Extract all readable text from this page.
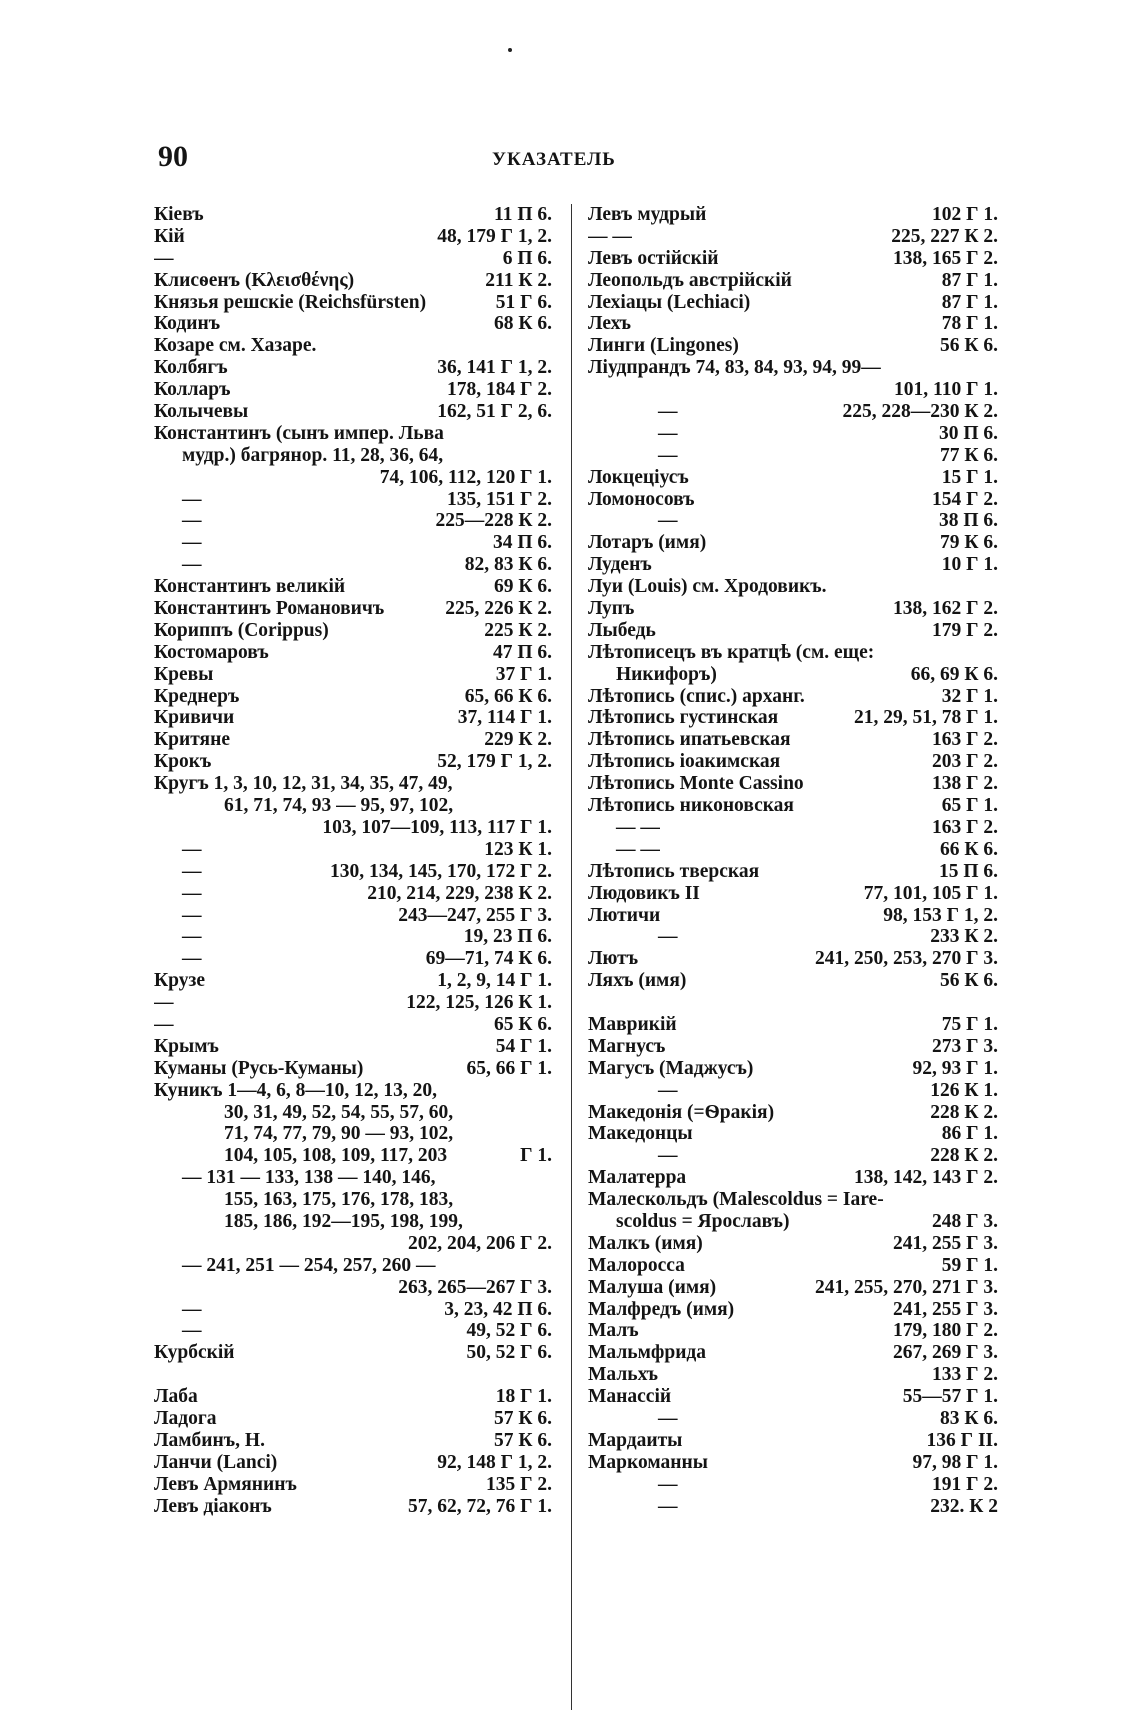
90	УКАЗАТЕЛЬ
Кіевъ	11 П 6.
Кій	48, 179 Г 1, 2.
—	6 П 6.
Клисѳенъ (Κλεισθένης)	211 К 2.
Князья решскіе (Reichsfürsten)	51 Г 6.
Кодинъ	68 К 6.
Козаре см. Хазаре.
Колбягъ	36, 141 Г 1, 2.
Колларъ	178, 184 Г 2.
Колычевы	162, 51 Г 2, 6.
Константинъ (сынъ импер. Льва
мудр.) багрянор. 11, 28, 36, 64,
74, 106, 112, 120 Г 1.
—	135, 151 Г 2.
—	225—228 К 2.
—	34 П 6.
—	82, 83 К 6.
Константинъ великій	69 К 6.
Константинъ Романовичъ	225, 226 К 2.
Кориппъ (Corippus)	225 К 2.
Костомаровъ	47 П 6.
Кревы	37 Г 1.
Креднеръ	65, 66 К 6.
Кривичи	37, 114 Г 1.
Критяне	229 К 2.
Крокъ	52, 179 Г 1, 2.
Кругъ 1, 3, 10, 12, 31, 34, 35, 47, 49,
61, 71, 74, 93 — 95, 97, 102,
103, 107—109, 113, 117 Г 1.
—	123 К 1.
—	130, 134, 145, 170, 172 Г 2.
—	210, 214, 229, 238 К 2.
—	243—247, 255 Г 3.
—	19, 23 П 6.
—	69—71, 74 К 6.
Крузе	1, 2, 9, 14 Г 1.
—	122, 125, 126 К 1.
—	65 К 6.
Крымъ	54 Г 1.
Куманы (Русь-Куманы)	65, 66 Г 1.
Куникъ 1—4, 6, 8—10, 12, 13, 20,
30, 31, 49, 52, 54, 55, 57, 60,
71, 74, 77, 79, 90 — 93, 102,
104, 105, 108, 109, 117, 203	Г 1.
— 131 — 133, 138 — 140, 146,
155, 163, 175, 176, 178, 183,
185, 186, 192—195, 198, 199,
202, 204, 206 Г 2.
— 241, 251 — 254, 257, 260 —
263, 265—267 Г 3.
—	3, 23, 42 П 6.
—	49, 52 Г 6.
Курбскій	50, 52 Г 6.
Лаба	18 Г 1.
Ладога	57 К 6.
Ламбинъ, Н.	57 К 6.
Ланчи (Lanci)	92, 148 Г 1, 2.
Левъ Армянинъ	135 Г 2.
Левъ діаконъ	57, 62, 72, 76 Г 1.
Левъ мудрый	102 Г 1.
— —	225, 227 К 2.
Левъ остійскій	138, 165 Г 2.
Леопольдъ австрійскій	87 Г 1.
Лехіацы (Lechiaci)	87 Г 1.
Лехъ	78 Г 1.
Линги (Lingones)	56 К 6.
Ліудпрандъ 74, 83, 84, 93, 94, 99—
101, 110 Г 1.
—	225, 228—230 К 2.
—	30 П 6.
—	77 К 6.
Локцеціусъ	15 Г 1.
Ломоносовъ	154 Г 2.
—	38 П 6.
Лотаръ (имя)	79 К 6.
Луденъ	10 Г 1.
Луи (Louis) см. Хродовикъ.
Лупъ	138, 162 Г 2.
Лыбедь	179 Г 2.
Лѣтописецъ въ кратцѣ (см. еще:
Никифоръ)	66, 69 К 6.
Лѣтопись (спис.) арханг.	32 Г 1.
Лѣтопись густинская	21, 29, 51, 78 Г 1.
Лѣтопись ипатьевская	163 Г 2.
Лѣтопись іоакимская	203 Г 2.
Лѣтопись Monte Cassino	138 Г 2.
Лѣтопись никоновская	65 Г 1.
— —	163 Г 2.
— —	66 К 6.
Лѣтопись тверская	15 П 6.
Людовикъ II	77, 101, 105 Г 1.
Лютичи	98, 153 Г 1, 2.
—	233 К 2.
Лютъ	241, 250, 253, 270 Г 3.
Ляхъ (имя)	56 К 6.
Маврикій	75 Г 1.
Магнусъ	273 Г 3.
Магусъ (Маджусъ)	92, 93 Г 1.
—	126 К 1.
Македонія (=Ѳракія)	228 К 2.
Македонцы	86 Г 1.
—	228 К 2.
Малатерра	138, 142, 143 Г 2.
Малескольдъ (Malescoldus = Iare-
scoldus = Ярославъ)	248 Г 3.
Малкъ (имя)	241, 255 Г 3.
Малоросса	59 Г 1.
Малуша (имя)	241, 255, 270, 271 Г 3.
Малфредъ (имя)	241, 255 Г 3.
Малъ	179, 180 Г 2.
Мальмфрида	267, 269 Г 3.
Мальхъ	133 Г 2.
Манассій	55—57 Г 1.
—	83 К 6.
Мардаиты	136 Г II.
Маркоманны	97, 98 Г 1.
—	191 Г 2.
—	232. К 2
